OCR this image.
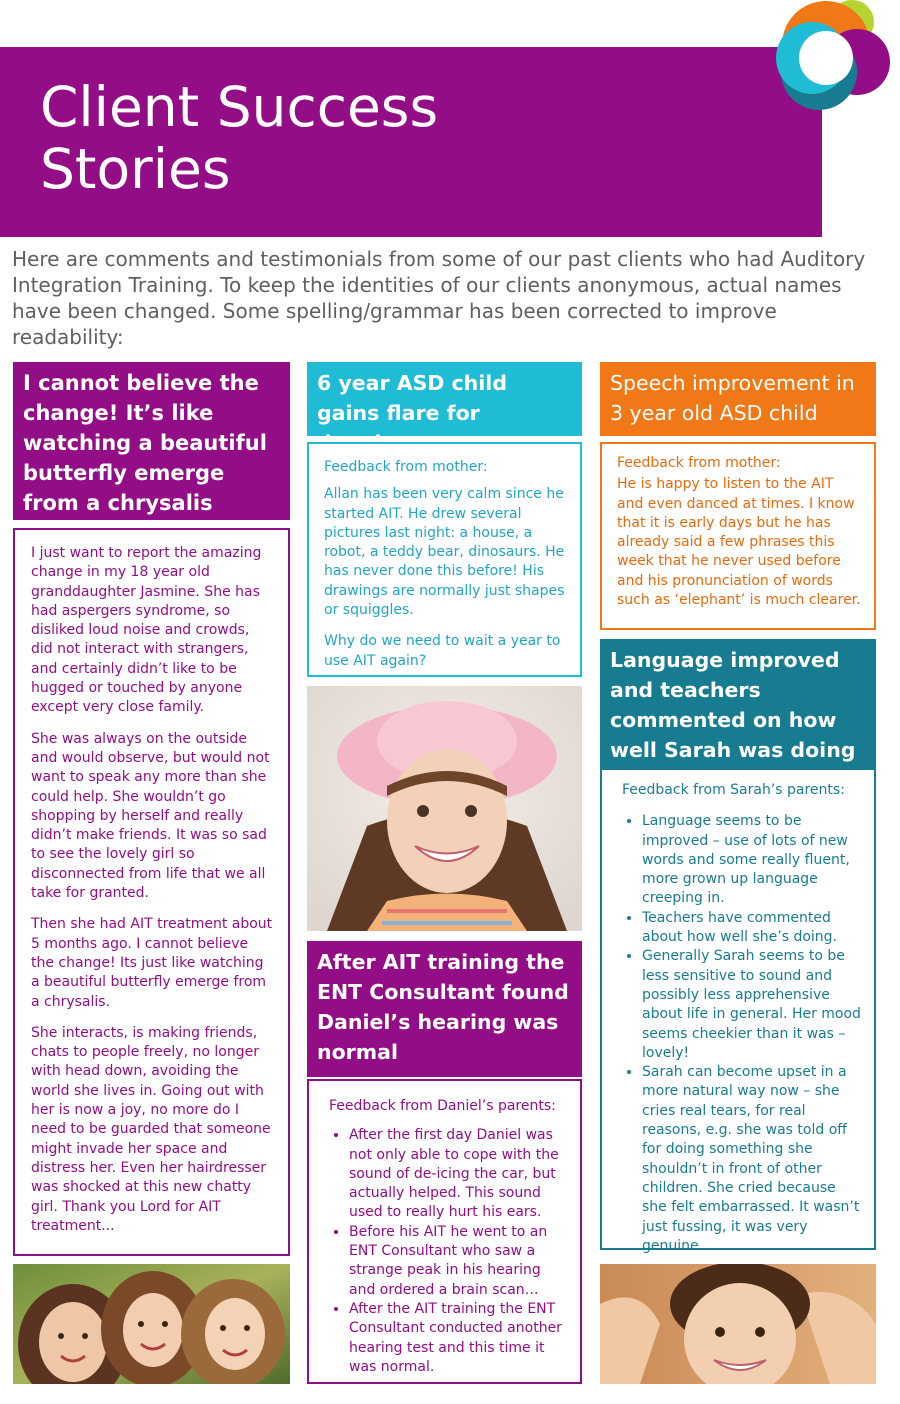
Client Success
Stories
Here are comments and testimonials from some of our past clients who had Auditory Integration Training. To keep the identities of our clients anonymous, actual names have been changed. Some spelling/grammar has been corrected to improve readability:
I cannot believe the change! It’s like watching a beautiful butterfly emerge from a chrysalis

I just want to report the amazing change in my 18 year old granddaughter Jasmine. She has had aspergers syndrome, so disliked loud noise and crowds, did not interact with strangers, and certainly didn’t like to be hugged or touched by anyone except very close family.

She was always on the outside and would observe, but would not want to speak any more than she could help. She wouldn’t go shopping by herself and really didn’t make friends. It was so sad to see the lovely girl so disconnected from life that we all take for granted.

Then she had AIT treatment about 5 months ago. I cannot believe the change! Its just like watching a beautiful butterfly emerge from a chrysalis.

She interacts, is making friends, chats to people freely, no longer with head down, avoiding the world she lives in. Going out with her is now a joy, no more do I need to be guarded that someone might invade her space and distress her. Even her hairdresser was shocked at this new chatty girl. Thank you Lord for AIT treatment...

6 year ASD child gains flare for

Feedback from mother:

Allan has been very calm since he started AIT. He drew several pictures last night: a house, a robot, a teddy bear, dinosaurs. He has never done this before! His drawings are normally just shapes or squiggles.

Why do we need to wait a year to use AIT again?

After AIT training the ENT Consultant found Daniel’s hearing was normal

Feedback from Daniel’s parents:

• After the first day Daniel was not only able to cope with the sound of de-icing the car, but actually helped. This sound used to really hurt his ears.
• Before his AIT he went to an ENT Consultant who saw a strange peak in his hearing and ordered a brain scan…
• After the AIT training the ENT Consultant conducted another hearing test and this time it was normal.
Speech improvement in 3 year old ASD child

Feedback from mother:

He is happy to listen to the AIT and even danced at times. I know that it is early days but he has already said a few phrases this week that he never used before and his pronunciation of words such as ‘elephant’ is much clearer.

Language improved and teachers commented on how well Sarah was doing

Feedback from Sarah’s parents:

• Language seems to be improved – use of lots of new words and some really fluent, more grown up language creeping in.
• Teachers have commented about how well she’s doing.
• Generally Sarah seems to be less sensitive to sound and possibly less apprehensive about life in general. Her mood seems cheekier than it was – lovely!
• Sarah can become upset in a more natural way now – she cries real tears, for real reasons, e.g. she was told off for doing something she shouldn’t in front of other children. She cried because she felt embarrassed. It wasn’t just fussing, it was very genuine.
